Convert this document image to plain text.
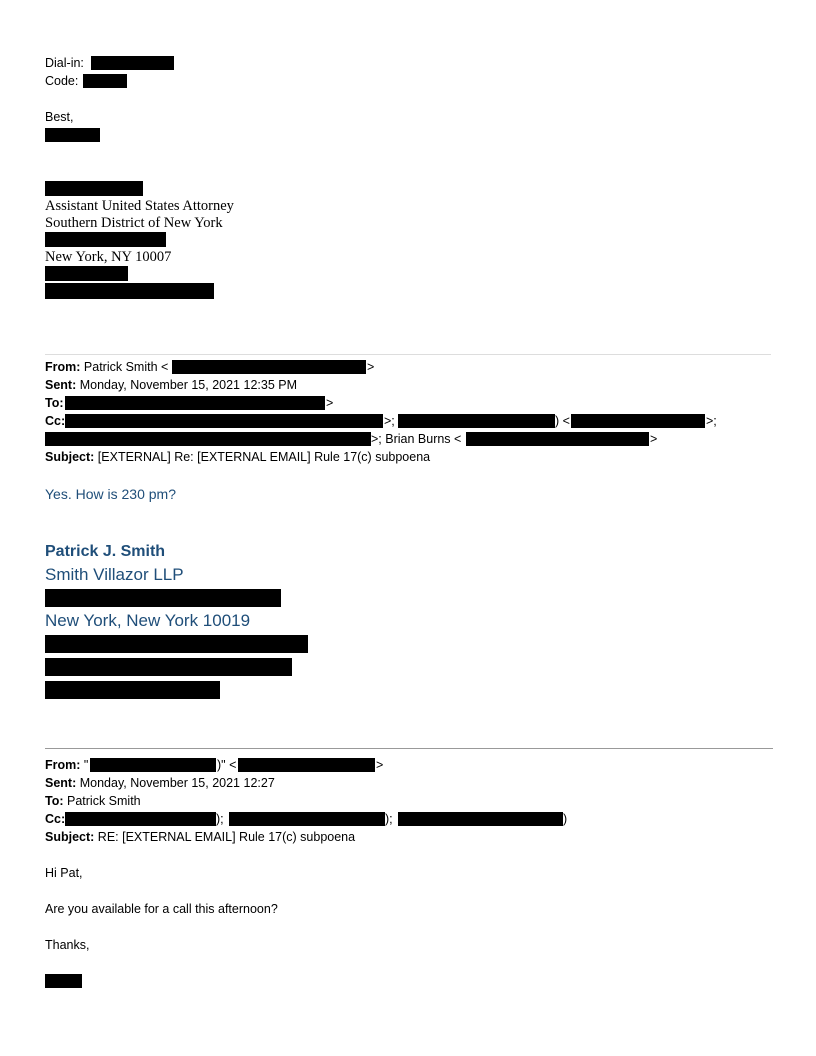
Dial-in:
Code:
Best,
Assistant United States Attorney
Southern District of New York
New York, NY 10007
From: Patrick Smith <	>
Sent: Monday, November 15, 2021 12:35 PM
To:	>
Cc:	>;	) <	>;
>; Brian Burns <	>
Subject: [EXTERNAL] Re: [EXTERNAL EMAIL] Rule 17(c) subpoena
Yes. How is 230 pm?
Patrick J. Smith
Smith Villazor LLP
New York, New York 10019
From: "	)" <	>
Sent: Monday, November 15, 2021 12:27
To: Patrick Smith
Cc:	);	);	)
Subject: RE: [EXTERNAL EMAIL] Rule 17(c) subpoena
Hi Pat,
Are you available for a call this afternoon?
Thanks,
